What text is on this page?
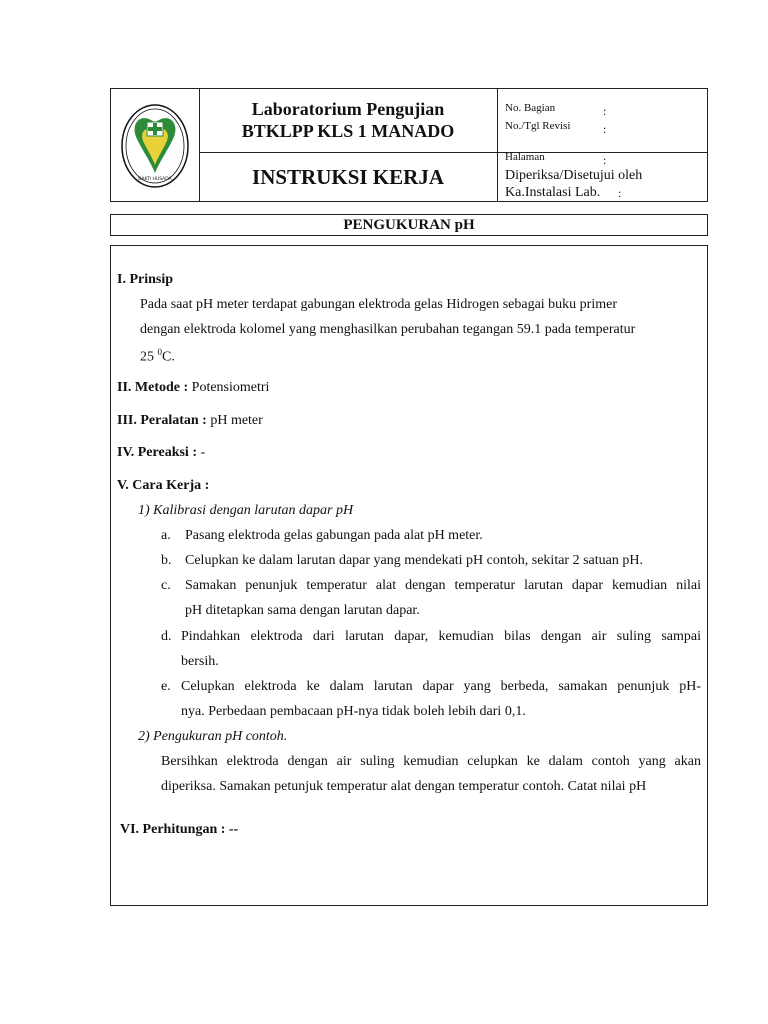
BAKTI HUSADA
Laboratorium Pengujian
BTKLPP KLS 1 MANADO
INSTRUKSI KERJA
No. Bagian	:
No./Tgl Revisi	:
Halaman	:
Diperiksa/Disetujui oleh
Ka.Instalasi Lab. :
PENGUKURAN pH
I. Prinsip
Pada saat pH meter terdapat gabungan elektroda gelas Hidrogen sebagai buku primer
dengan elektroda kolomel yang menghasilkan perubahan tegangan 59.1 pada temperatur
25 $^0$C.
II. Metode : Potensiometri
III. Peralatan : pH meter
IV. Pereaksi : -
V. Cara Kerja :
1) Kalibrasi dengan larutan dapar pH
a. Pasang elektroda gelas gabungan pada alat pH meter.
b. Celupkan ke dalam larutan dapar yang mendekati pH contoh, sekitar 2 satuan pH.
c. Samakan penunjuk temperatur alat dengan temperatur larutan dapar kemudian nilai
pH ditetapkan sama dengan larutan dapar.
d. Pindahkan elektroda dari larutan dapar, kemudian bilas dengan air suling sampai
bersih.
e. Celupkan elektroda ke dalam larutan dapar yang berbeda, samakan penunjuk pH-
nya. Perbedaan pembacaan pH-nya tidak boleh lebih dari 0,1.
2) Pengukuran pH contoh.
Bersihkan elektroda dengan air suling kemudian celupkan ke dalam contoh yang akan
diperiksa. Samakan petunjuk temperatur alat dengan temperatur contoh. Catat nilai pH
VI. Perhitungan : --
